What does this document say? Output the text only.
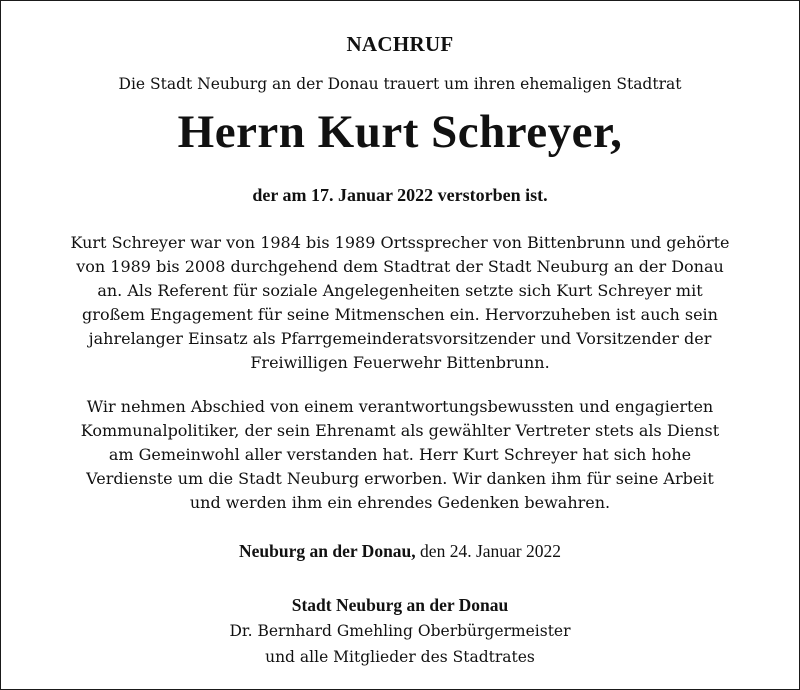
NACHRUF
Die Stadt Neuburg an der Donau trauert um ihren ehemaligen Stadtrat
Herrn Kurt Schreyer,
der am 17. Januar 2022 verstorben ist.
Kurt Schreyer war von 1984 bis 1989 Ortssprecher von Bittenbrunn und gehörte
von 1989 bis 2008 durchgehend dem Stadtrat der Stadt Neuburg an der Donau
an. Als Referent für soziale Angelegenheiten setzte sich Kurt Schreyer mit
großem Engagement für seine Mitmenschen ein. Hervorzuheben ist auch sein
jahrelanger Einsatz als Pfarrgemeinderatsvorsitzender und Vorsitzender der
Freiwilligen Feuerwehr Bittenbrunn.
Wir nehmen Abschied von einem verantwortungsbewussten und engagierten
Kommunalpolitiker, der sein Ehrenamt als gewählter Vertreter stets als Dienst
am Gemeinwohl aller verstanden hat. Herr Kurt Schreyer hat sich hohe
Verdienste um die Stadt Neuburg erworben. Wir danken ihm für seine Arbeit
und werden ihm ein ehrendes Gedenken bewahren.
Neuburg an der Donau, den 24. Januar 2022
Stadt Neuburg an der Donau
Dr. Bernhard Gmehling Oberbürgermeister
und alle Mitglieder des Stadtrates
